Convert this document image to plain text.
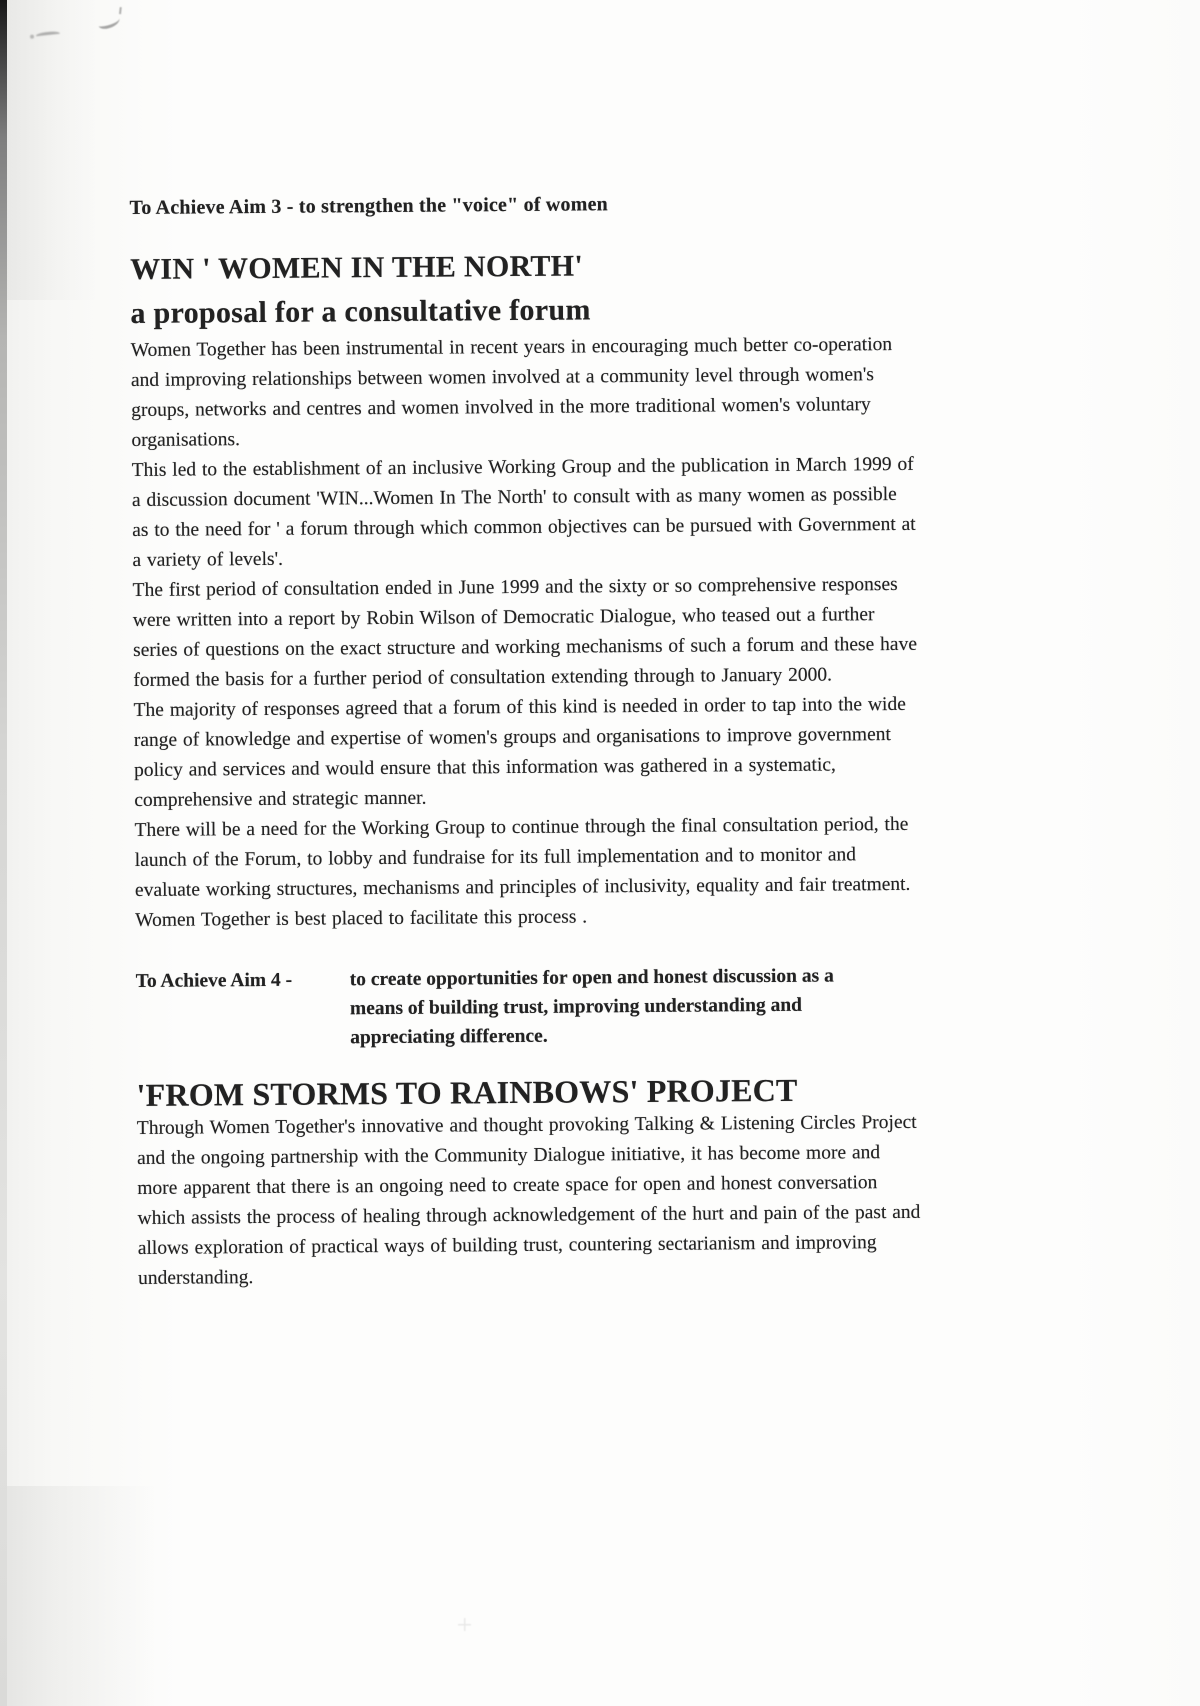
To Achieve Aim 3 - to strengthen the "voice" of women
WIN ' WOMEN IN THE NORTH'
a proposal for a consultative forum

Women Together has been instrumental in recent years in encouraging much better co-operation and improving relationships between women involved at a community level through women's groups, networks and centres and women involved in the more traditional women's voluntary organisations.

This led to the establishment of an inclusive Working Group and the publication in March 1999 of a discussion document 'WIN...Women In The North' to consult with as many women as possible as to the need for ' a forum through which common objectives can be pursued with Government at a variety of levels'.

The first period of consultation ended in June 1999 and the sixty or so comprehensive responses were written into a report by Robin Wilson of Democratic Dialogue, who teased out a further series of questions on the exact structure and working mechanisms of such a forum and these have formed the basis for a further period of consultation extending through to January 2000.

The majority of responses agreed that a forum of this kind is needed in order to tap into the wide range of knowledge and expertise of women's groups and organisations to improve government policy and services and would ensure that this information was gathered in a systematic, comprehensive and strategic manner.

There will be a need for the Working Group to continue through the final consultation period, the launch of the Forum, to lobby and fundraise for its full implementation and to monitor and evaluate working structures, mechanisms and principles of inclusivity, equality and fair treatment.

Women Together is best placed to facilitate this process .

To Achieve Aim 4 -	to create opportunities for open and honest discussion as a
means of building trust, improving understanding and
appreciating difference.
'FROM STORMS TO RAINBOWS' PROJECT

Through Women Together's innovative and thought provoking Talking & Listening Circles Project and the ongoing partnership with the Community Dialogue initiative, it has become more and more apparent that there is an ongoing need to create space for open and honest conversation which assists the process of healing through acknowledgement of the hurt and pain of the past and allows exploration of practical ways of building trust, countering sectarianism and improving understanding.
